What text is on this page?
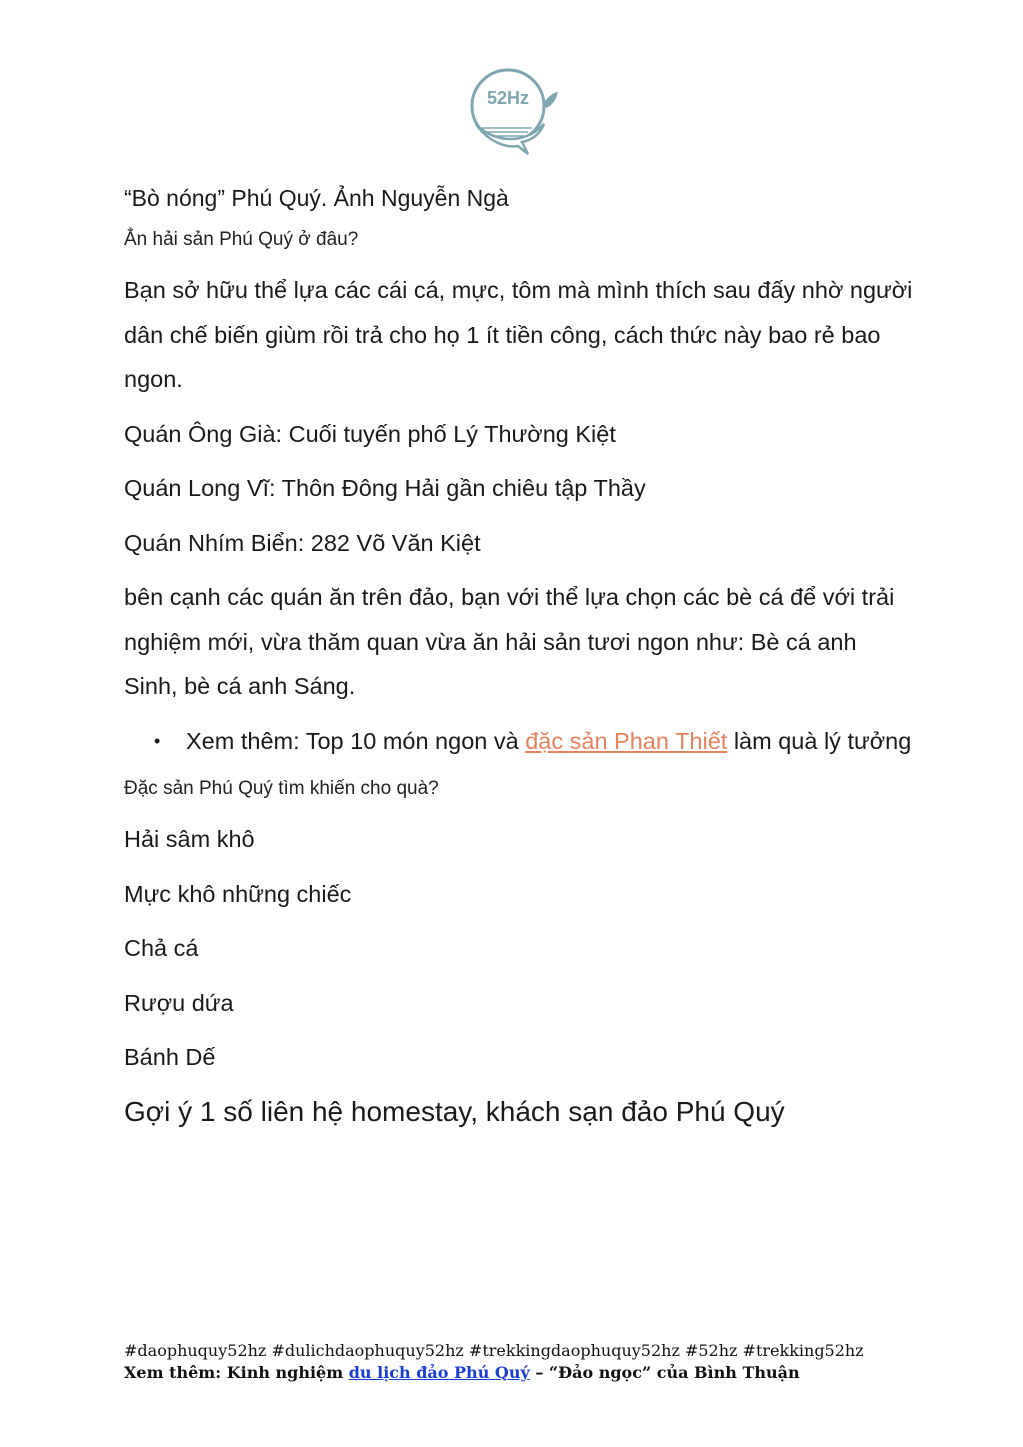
52Hz
“Bò nóng” Phú Quý. Ảnh Nguyễn Ngà
Ẳn hải sản Phú Quý ở đâu?
Bạn sở hữu thể lựa các cái cá, mực, tôm mà mình thích sau đấy nhờ người dân chế biến giùm rồi trả cho họ 1 ít tiền công, cách thức này bao rẻ bao ngon.
Quán Ông Già: Cuối tuyến phố Lý Thường Kiệt
Quán Long Vĩ: Thôn Đông Hải gần chiêu tập Thầy
Quán Nhím Biển: 282 Võ Văn Kiệt
bên cạnh các quán ăn trên đảo, bạn với thể lựa chọn các bè cá để với trải nghiệm mới, vừa thăm quan vừa ăn hải sản tươi ngon như: Bè cá anh Sinh, bè cá anh Sáng.
• Xem thêm: Top 10 món ngon và đặc sản Phan Thiết làm quà lý tưởng
Đặc sản Phú Quý tìm khiến cho quà?
Hải sâm khô
Mực khô những chiếc
Chả cá
Rượu dứa
Bánh Dế
Gợi ý 1 số liên hệ homestay, khách sạn đảo Phú Quý
#daophuquy52hz #dulichdaophuquy52hz #trekkingdaophuquy52hz #52hz #trekking52hz
Xem thêm: Kinh nghiệm du lịch đảo Phú Quý – “Đảo ngọc” của Bình Thuận
